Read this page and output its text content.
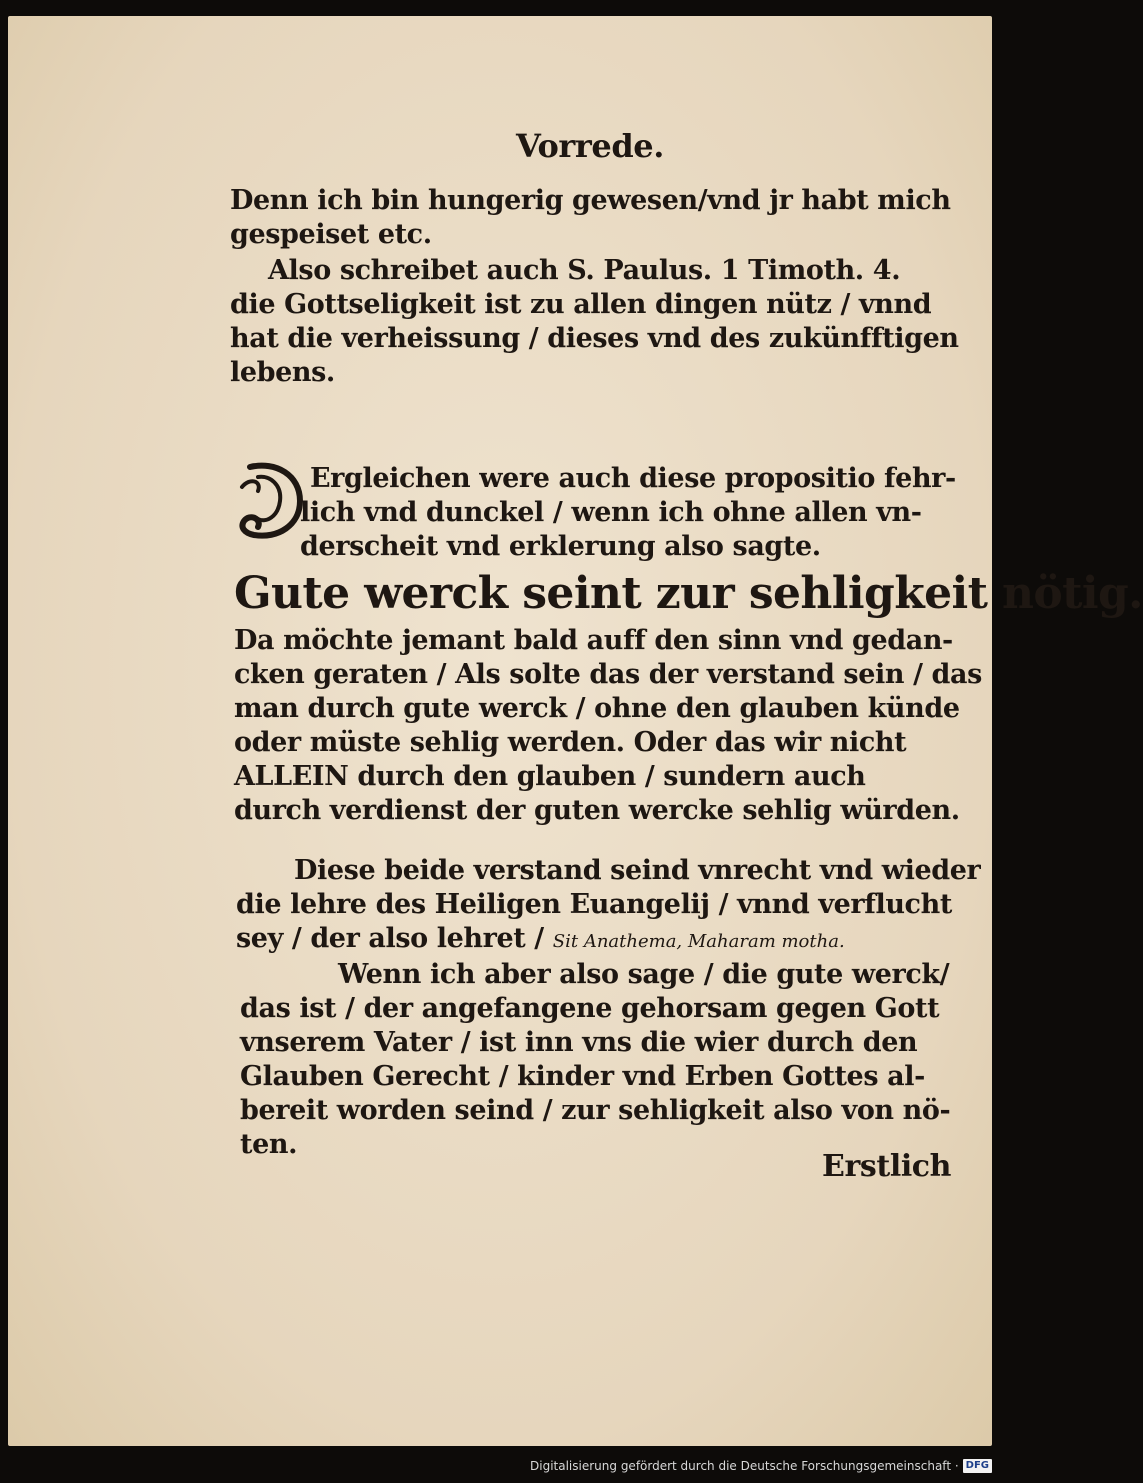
Vorrede.
Denn ich bin hungerig gewesen/vnd jr habt mich
gespeiset etc.
Also schreibet auch S. Paulus. 1 Timoth. 4.
die Gottseligkeit ist zu allen dingen nütz / vnnd
hat die verheissung / dieses vnd des zukünfftigen
lebens.
Ergleichen were auch diese propositio fehr-
lich vnd dunckel / wenn ich ohne allen vn-
derscheit vnd erklerung also sagte.
Gute werck seint zur sehligkeit nötig.
Da möchte jemant bald auff den sinn vnd gedan-
cken geraten / Als solte das der verstand sein / das
man durch gute werck / ohne den glauben künde
oder müste sehlig werden. Oder das wir nicht
ALLEIN durch den glauben / sundern auch
durch verdienst der guten wercke sehlig würden.
Diese beide verstand seind vnrecht vnd wieder
die lehre des Heiligen Euangelij / vnnd verflucht
sey / der also lehret / Sit Anathema, Maharam motha.
Wenn ich aber also sage / die gute werck/
das ist / der angefangene gehorsam gegen Gott
vnserem Vater / ist inn vns die wier durch den
Glauben Gerecht / kinder vnd Erben Gottes al-
bereit worden seind / zur sehligkeit also von nö-
ten.
Erstlich
Digitalisierung gefördert durch die Deutsche Forschungsgemeinschaft · DFG
